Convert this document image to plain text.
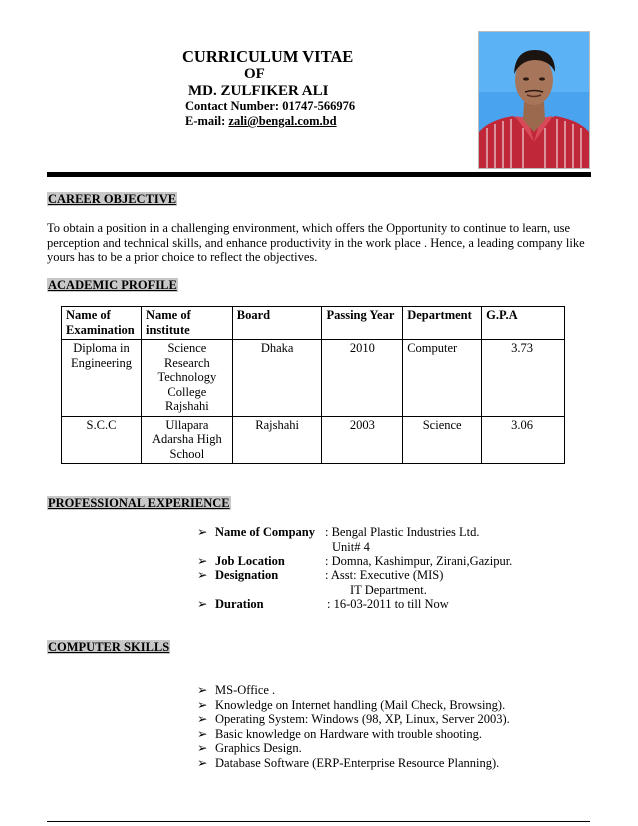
CURRICULUM VITAE
OF
MD. ZULFIKER ALI
Contact Number: 01747-566976
E-mail: zali@bengal.com.bd
CAREER OBJECTIVE
To obtain a position in a challenging environment, which offers the Opportunity to continue to learn, use perception and technical skills, and enhance productivity in the work place . Hence, a leading company like yours has to be a prior choice to reflect the objectives.
ACADEMIC PROFILE
Name of Examination	Name of institute	Board	Passing Year	Department	G.P.A
Diploma in Engineering	Science Research Technology College Rajshahi	Dhaka	2010	Computer	3.73
S.C.C	Ullapara Adarsha High School	Rajshahi	2003	Science	3.06
PROFESSIONAL EXPERIENCE
➢ Name of Company : Bengal Plastic Industries Ltd.
Unit# 4
➢ Job Location	: Domna, Kashimpur, Zirani,Gazipur.
➢ Designation	: Asst: Executive (MIS)
IT Department.
➢ Duration	: 16-03-2011 to till Now
COMPUTER SKILLS
➢ MS-Office .
➢ Knowledge on Internet handling (Mail Check, Browsing).
➢ Operating System: Windows (98, XP, Linux, Server 2003).
➢ Basic knowledge on Hardware with trouble shooting.
➢ Graphics Design.
➢ Database Software (ERP-Enterprise Resource Planning).
